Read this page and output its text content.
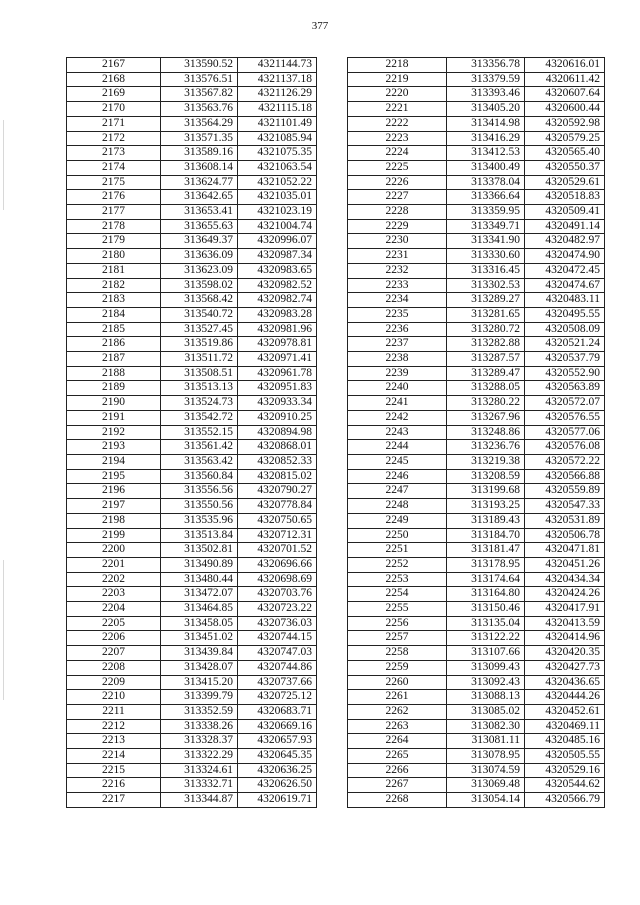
377
2167	313590.52	4321144.73
2168	313576.51	4321137.18
2169	313567.82	4321126.29
2170	313563.76	4321115.18
2171	313564.29	4321101.49
2172	313571.35	4321085.94
2173	313589.16	4321075.35
2174	313608.14	4321063.54
2175	313624.77	4321052.22
2176	313642.65	4321035.01
2177	313653.41	4321023.19
2178	313655.63	4321004.74
2179	313649.37	4320996.07
2180	313636.09	4320987.34
2181	313623.09	4320983.65
2182	313598.02	4320982.52
2183	313568.42	4320982.74
2184	313540.72	4320983.28
2185	313527.45	4320981.96
2186	313519.86	4320978.81
2187	313511.72	4320971.41
2188	313508.51	4320961.78
2189	313513.13	4320951.83
2190	313524.73	4320933.34
2191	313542.72	4320910.25
2192	313552.15	4320894.98
2193	313561.42	4320868.01
2194	313563.42	4320852.33
2195	313560.84	4320815.02
2196	313556.56	4320790.27
2197	313550.56	4320778.84
2198	313535.96	4320750.65
2199	313513.84	4320712.31
2200	313502.81	4320701.52
2201	313490.89	4320696.66
2202	313480.44	4320698.69
2203	313472.07	4320703.76
2204	313464.85	4320723.22
2205	313458.05	4320736.03
2206	313451.02	4320744.15
2207	313439.84	4320747.03
2208	313428.07	4320744.86
2209	313415.20	4320737.66
2210	313399.79	4320725.12
2211	313352.59	4320683.71
2212	313338.26	4320669.16
2213	313328.37	4320657.93
2214	313322.29	4320645.35
2215	313324.61	4320636.25
2216	313332.71	4320626.50
2217	313344.87	4320619.71
2218	313356.78	4320616.01
2219	313379.59	4320611.42
2220	313393.46	4320607.64
2221	313405.20	4320600.44
2222	313414.98	4320592.98
2223	313416.29	4320579.25
2224	313412.53	4320565.40
2225	313400.49	4320550.37
2226	313378.04	4320529.61
2227	313366.64	4320518.83
2228	313359.95	4320509.41
2229	313349.71	4320491.14
2230	313341.90	4320482.97
2231	313330.60	4320474.90
2232	313316.45	4320472.45
2233	313302.53	4320474.67
2234	313289.27	4320483.11
2235	313281.65	4320495.55
2236	313280.72	4320508.09
2237	313282.88	4320521.24
2238	313287.57	4320537.79
2239	313289.47	4320552.90
2240	313288.05	4320563.89
2241	313280.22	4320572.07
2242	313267.96	4320576.55
2243	313248.86	4320577.06
2244	313236.76	4320576.08
2245	313219.38	4320572.22
2246	313208.59	4320566.88
2247	313199.68	4320559.89
2248	313193.25	4320547.33
2249	313189.43	4320531.89
2250	313184.70	4320506.78
2251	313181.47	4320471.81
2252	313178.95	4320451.26
2253	313174.64	4320434.34
2254	313164.80	4320424.26
2255	313150.46	4320417.91
2256	313135.04	4320413.59
2257	313122.22	4320414.96
2258	313107.66	4320420.35
2259	313099.43	4320427.73
2260	313092.43	4320436.65
2261	313088.13	4320444.26
2262	313085.02	4320452.61
2263	313082.30	4320469.11
2264	313081.11	4320485.16
2265	313078.95	4320505.55
2266	313074.59	4320529.16
2267	313069.48	4320544.62
2268	313054.14	4320566.79
